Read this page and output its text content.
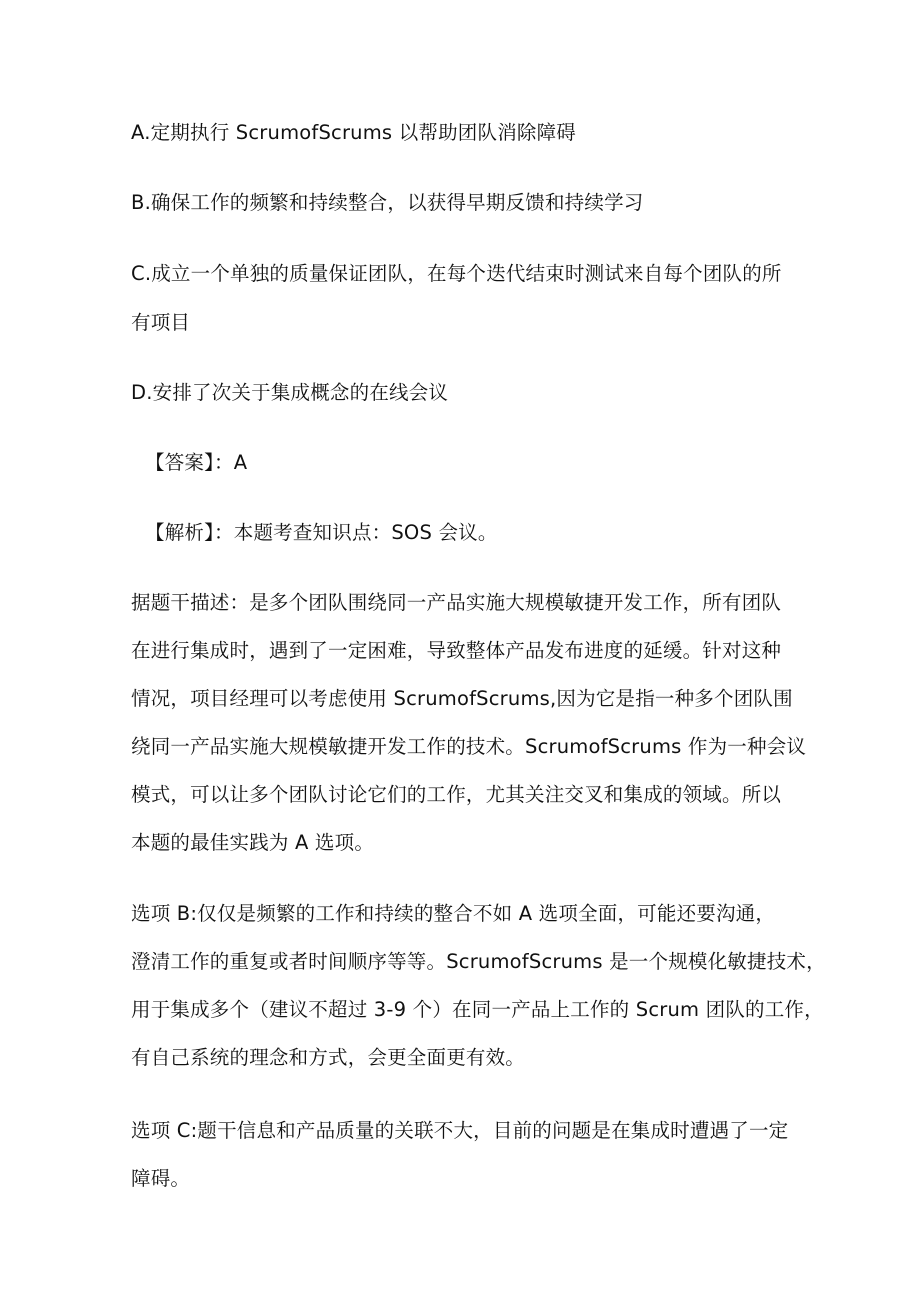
A.定期执行 ScrumofScrums 以帮助团队消除障碍
B.确保工作的频繁和持续整合，以获得早期反馈和持续学习
C.成立一个单独的质量保证团队，在每个迭代结束时测试来自每个团队的所
有项目
D.安排了次关于集成概念的在线会议
【答案】：A
【解析】：本题考查知识点：SOS 会议。
据题干描述：是多个团队围绕同一产品实施大规模敏捷开发工作，所有团队
在进行集成时，遇到了一定困难，导致整体产品发布进度的延缓。针对这种
情况，项目经理可以考虑使用 ScrumofScrums,因为它是指一种多个团队围
绕同一产品实施大规模敏捷开发工作的技术。ScrumofScrums 作为一种会议
模式，可以让多个团队讨论它们的工作，尤其关注交叉和集成的领域。所以
本题的最佳实践为 A 选项。
选项 B:仅仅是频繁的工作和持续的整合不如 A 选项全面，可能还要沟通，
澄清工作的重复或者时间顺序等等。ScrumofScrums 是一个规模化敏捷技术，
用于集成多个（建议不超过 3-9 个）在同一产品上工作的 Scrum 团队的工作，
有自己系统的理念和方式，会更全面更有效。
选项 C:题干信息和产品质量的关联不大，目前的问题是在集成时遭遇了一定
障碍。
